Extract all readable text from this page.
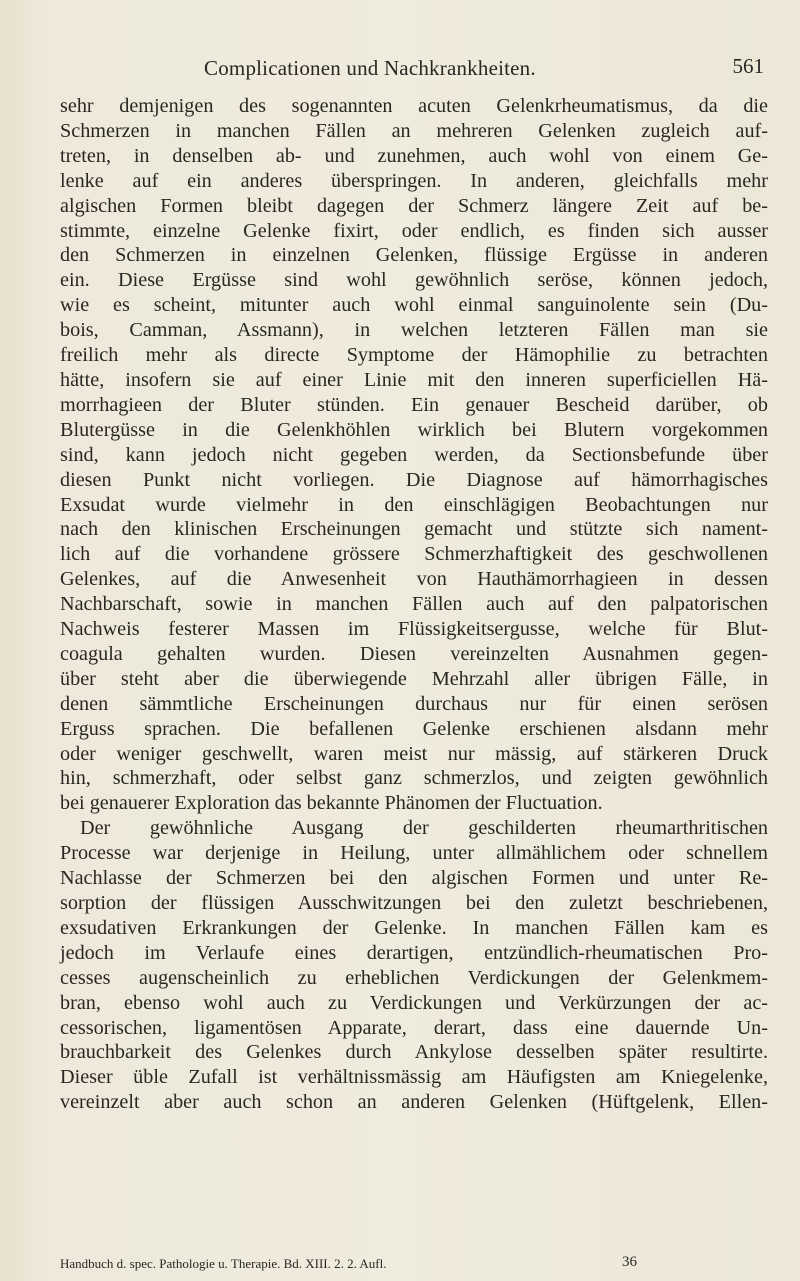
Complicationen und Nachkrankheiten.	561
sehr demjenigen des sogenannten acuten Gelenkrheumatismus, da die
Schmerzen in manchen Fällen an mehreren Gelenken zugleich auf-
treten, in denselben ab- und zunehmen, auch wohl von einem Ge-
lenke auf ein anderes überspringen. In anderen, gleichfalls mehr
algischen Formen bleibt dagegen der Schmerz längere Zeit auf be-
stimmte, einzelne Gelenke fixirt, oder endlich, es finden sich ausser
den Schmerzen in einzelnen Gelenken, flüssige Ergüsse in anderen
ein. Diese Ergüsse sind wohl gewöhnlich seröse, können jedoch,
wie es scheint, mitunter auch wohl einmal sanguinolente sein (Du-
bois, Camman, Assmann), in welchen letzteren Fällen man sie
freilich mehr als directe Symptome der Hämophilie zu betrachten
hätte, insofern sie auf einer Linie mit den inneren superficiellen Hä-
morrhagieen der Bluter stünden. Ein genauer Bescheid darüber, ob
Blutergüsse in die Gelenkhöhlen wirklich bei Blutern vorgekommen
sind, kann jedoch nicht gegeben werden, da Sectionsbefunde über
diesen Punkt nicht vorliegen. Die Diagnose auf hämorrhagisches
Exsudat wurde vielmehr in den einschlägigen Beobachtungen nur
nach den klinischen Erscheinungen gemacht und stützte sich nament-
lich auf die vorhandene grössere Schmerzhaftigkeit des geschwollenen
Gelenkes, auf die Anwesenheit von Hauthämorrhagieen in dessen
Nachbarschaft, sowie in manchen Fällen auch auf den palpatorischen
Nachweis festerer Massen im Flüssigkeitsergusse, welche für Blut-
coagula gehalten wurden. Diesen vereinzelten Ausnahmen gegen-
über steht aber die überwiegende Mehrzahl aller übrigen Fälle, in
denen sämmtliche Erscheinungen durchaus nur für einen serösen
Erguss sprachen. Die befallenen Gelenke erschienen alsdann mehr
oder weniger geschwellt, waren meist nur mässig, auf stärkeren Druck
hin, schmerzhaft, oder selbst ganz schmerzlos, und zeigten gewöhnlich
bei genauerer Exploration das bekannte Phänomen der Fluctuation.
Der gewöhnliche Ausgang der geschilderten rheumarthritischen
Processe war derjenige in Heilung, unter allmählichem oder schnellem
Nachlasse der Schmerzen bei den algischen Formen und unter Re-
sorption der flüssigen Ausschwitzungen bei den zuletzt beschriebenen,
exsudativen Erkrankungen der Gelenke. In manchen Fällen kam es
jedoch im Verlaufe eines derartigen, entzündlich-rheumatischen Pro-
cesses augenscheinlich zu erheblichen Verdickungen der Gelenkmem-
bran, ebenso wohl auch zu Verdickungen und Verkürzungen der ac-
cessorischen, ligamentösen Apparate, derart, dass eine dauernde Un-
brauchbarkeit des Gelenkes durch Ankylose desselben später resultirte.
Dieser üble Zufall ist verhältnissmässig am Häufigsten am Kniegelenke,
vereinzelt aber auch schon an anderen Gelenken (Hüftgelenk, Ellen-
Handbuch d. spec. Pathologie u. Therapie. Bd. XIII. 2. 2. Aufl.	36
